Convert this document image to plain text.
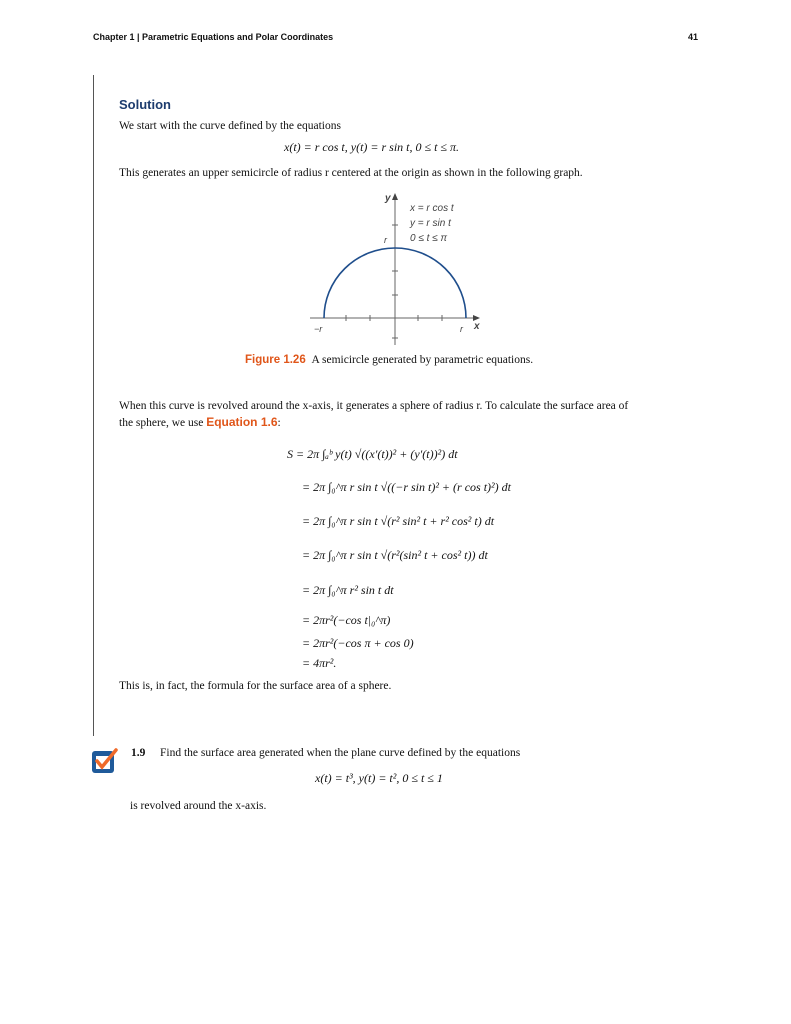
Chapter 1 | Parametric Equations and Polar Coordinates	41
Solution
We start with the curve defined by the equations
x(t) = r cos t, y(t) = r sin t, 0 ≤ t ≤ π.
This generates an upper semicircle of radius r centered at the origin as shown in the following graph.
x = r cos t
y = r sin t
0 ≤ t ≤ π
y
x
r
−r	r
Figure 1.26 A semicircle generated by parametric equations.
When this curve is revolved around the x-axis, it generates a sphere of radius r. To calculate the surface area of
the sphere, we use Equation 1.6:
S = 2π ∫ₐᵇ y(t) √((x′(t))² + (y′(t))²) dt
= 2π ∫₀^π r sin t √((−r sin t)² + (r cos t)²) dt
= 2π ∫₀^π r sin t √(r² sin² t + r² cos² t) dt
= 2π ∫₀^π r sin t √(r²(sin² t + cos² t)) dt
= 2π ∫₀^π r² sin t dt
= 2πr²(−cos t|₀^π)
= 2πr²(−cos π + cos 0)
= 4πr².
This is, in fact, the formula for the surface area of a sphere.
1.9 Find the surface area generated when the plane curve defined by the equations
x(t) = t³, y(t) = t², 0 ≤ t ≤ 1
is revolved around the x-axis.
